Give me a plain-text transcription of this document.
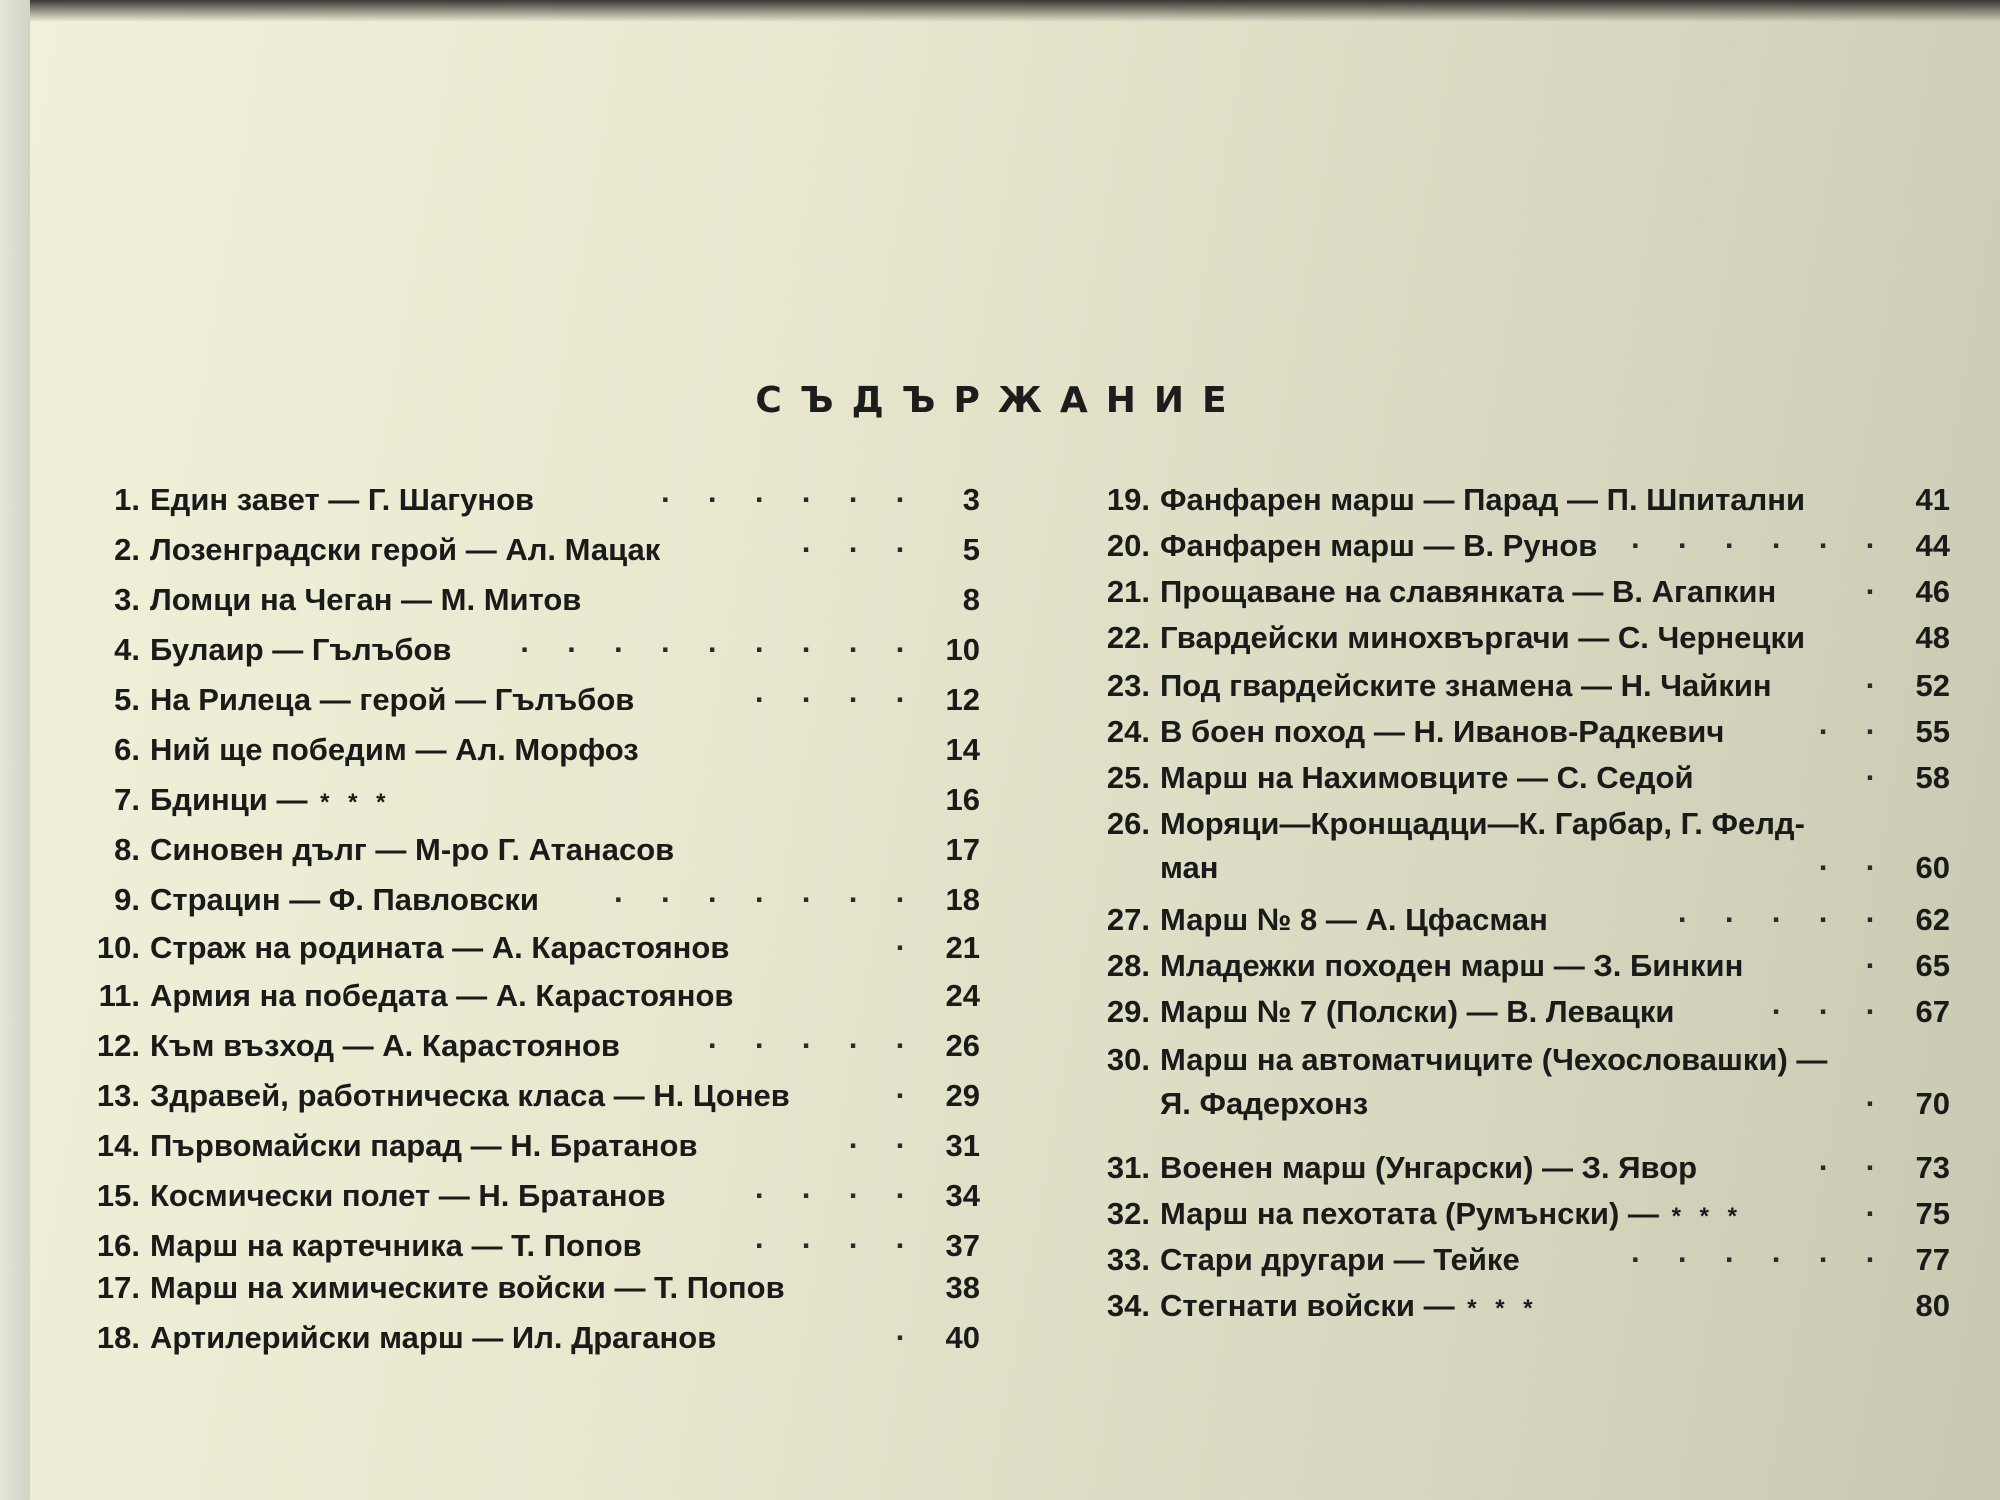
СЪДЪРЖАНИЕ
1. Един завет — Г. Шагунов	· · · · · · 3
2. Лозенградски герой — Ал. Мацак	· · · 5
3. Ломци на Чеган — М. Митов	8
4. Булаир — Гълъбов · · · · · · · · · 10
5. На Рилеца — герой — Гълъбов	· · · · 12
6. Ний ще победим — Ал. Морфоз	14
7. Бдинци — * * *	16
8. Синовен дълг — М-ро Г. Атанасов	17
9. Страцин — Ф. Павловски · · · · · · · 18
10. Страж на родината — А. Карастоянов	· 21
11. Армия на победата — А. Карастоянов	24
12. Към възход — А. Карастоянов	· · · · · 26
13. Здравей, работническа класа — Н. Цонев	· 29
14. Първомайски парад — Н. Братанов	· · 31
15. Космически полет — Н. Братанов	· · · · 34
16. Марш на картечника — Т. Попов	· · · · 37
17. Марш на химическите войски — Т. Попов	38
18. Артилерийски марш — Ил. Драганов	· 40
19. Фанфарен марш — Парад — П. Шпитални	41
20. Фанфарен марш — В. Рунов · · · · · · 44
21. Прощаване на славянката — В. Агапкин	· 46
22. Гвардейски минохвъргачи — С. Чернецки	48
23. Под гвардейските знамена — Н. Чайкин	· 52
24. В боен поход — Н. Иванов-Радкевич	· · 55
25. Марш на Нахимовците — С. Седой	· 58
26. Моряци—Кронщадци—К. Гарбар, Г. Фелд-
ман	· · 60
27. Марш № 8 — А. Цфасман	· · · · · 62
28. Младежки походен марш — З. Бинкин	· 65
29. Марш № 7 (Полски) — В. Левацки	· · · 67
30. Марш на автоматчиците (Чехословашки) —
Я. Фадерхонз	· 70
31. Военен марш (Унгарски) — З. Явор	· · 73
32. Марш на пехотата (Румънски) — * * *	· 75
33. Стари другари — Тейке	· · · · · · 77
34. Стегнати войски — * * *	80
